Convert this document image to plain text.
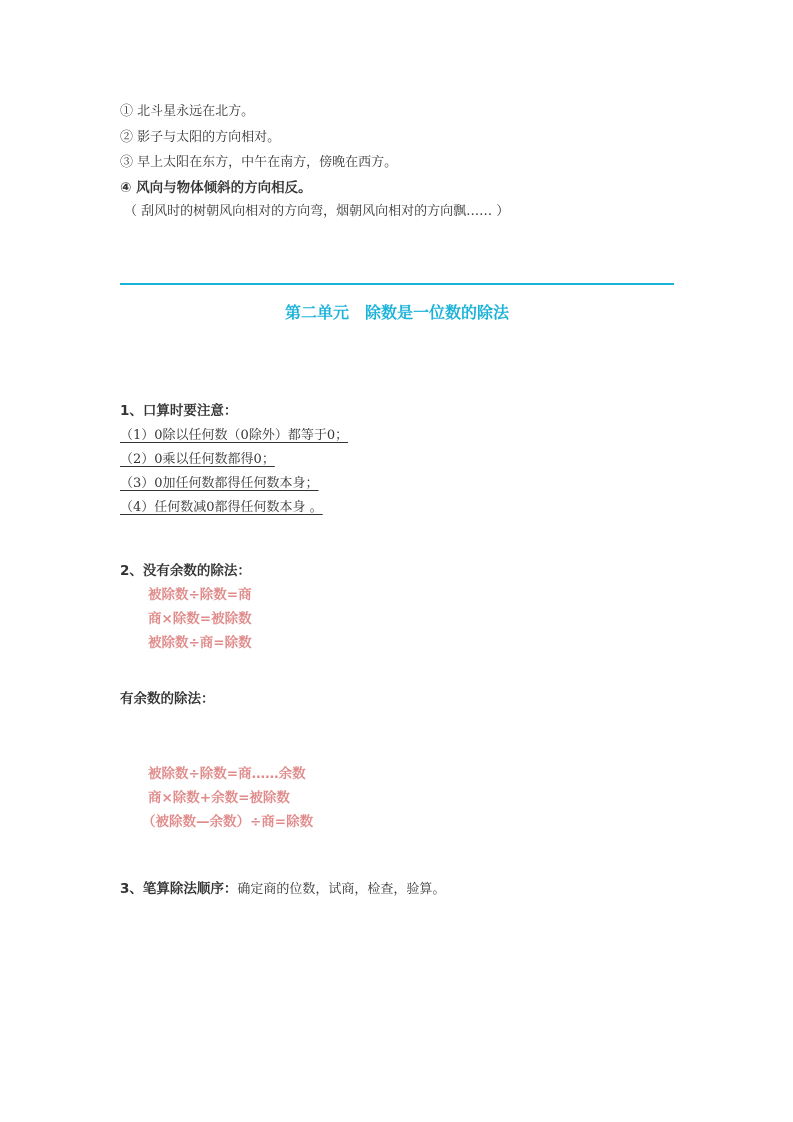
① 北斗星永远在北方。
② 影子与太阳的方向相对。
③ 早上太阳在东方，中午在南方，傍晚在西方。
④ 风向与物体倾斜的方向相反。
（ 刮风时的树朝风向相对的方向弯，烟朝风向相对的方向飘…… ）
第二单元　除数是一位数的除法
1、口算时要注意：
（1）0除以任何数（0除外）都等于0；
（2）0乘以任何数都得0；
（3）0加任何数都得任何数本身；
（4）任何数减0都得任何数本身 。
2、没有余数的除法：
被除数÷除数=商
商×除数=被除数
被除数÷商=除数
有余数的除法：
被除数÷除数=商……余数
商×除数+余数=被除数
（被除数—余数）÷商=除数
3、笔算除法顺序：确定商的位数，试商，检查，验算。
